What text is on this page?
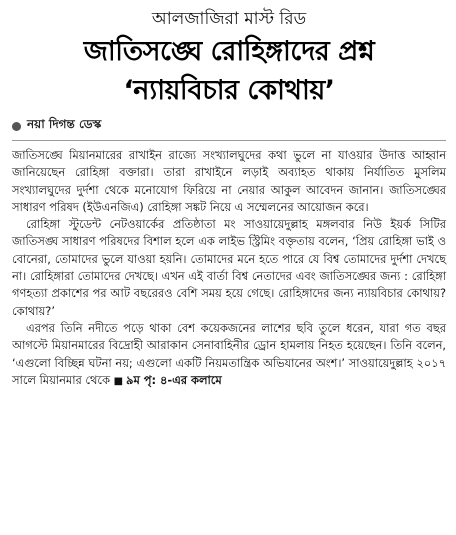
আলজাজিরা মাস্ট রিড
জাতিসঙ্ঘে রোহিঙ্গাদের প্রশ্ন
‘ন্যায়বিচার কোথায়’
নয়া দিগন্ত ডেস্ক

জাতিসঙ্ঘে মিয়ানমারের রাখাইন রাজ্যে সংখ্যালঘুদের কথা ভুলে না যাওয়ার উদাত্ত আহ্বান জানিয়েছেন রোহিঙ্গা বক্তারা। তারা রাখাইনে লড়াই অব্যাহত থাকায় নির্যাতিত মুসলিম সংখ্যালঘুদের দুর্দশা থেকে মনোযোগ ফিরিয়ে না নেয়ার আকুল আবেদন জানান। জাতিসঙ্ঘের সাধারণ পরিষদ (ইউএনজিএ) রোহিঙ্গা সঙ্কট নিয়ে এ সম্মেলনের আয়োজন করে।

রোহিঙ্গা স্টুডেন্ট নেটওয়ার্কের প্রতিষ্ঠাতা মং সাওয়ায়েদুল্লাহ মঙ্গলবার নিউ ইয়র্ক সিটির জাতিসঙ্ঘ সাধারণ পরিষদের বিশাল হলে এক লাইভ স্ট্রিমিং বক্তৃতায় বলেন, ‘প্রিয় রোহিঙ্গা ভাই ও বোনেরা, তোমাদের ভুলে যাওয়া হয়নি। তোমাদের মনে হতে পারে যে বিশ্ব তোমাদের দুর্দশা দেখছে না। রোহিঙ্গারা তোমাদের দেখছে। এখন এই বার্তা বিশ্ব নেতাদের এবং জাতিসঙ্ঘের জন্য : রোহিঙ্গা গণহত্যা প্রকাশের পর আট বছরেরও বেশি সময় হয়ে গেছে। রোহিঙ্গাদের জন্য ন্যায়বিচার কোথায়? কোথায়?’

এরপর তিনি নদীতে পড়ে থাকা বেশ কয়েকজনের লাশের ছবি তুলে ধরেন, যারা গত বছর আগস্টে মিয়ানমারের বিদ্রোহী আরাকান সেনাবাহিনীর ড্রোন হামলায় নিহত হয়েছেন। তিনি বলেন, ‘এগুলো বিচ্ছিন্ন ঘটনা নয়; এগুলো একটি নিয়মতান্ত্রিক অভিযানের অংশ।’ সাওয়ায়েদুল্লাহ ২০১৭ সালে মিয়ানমার থেকে ■ ৯ম পৃ: ৪-এর কলামে
